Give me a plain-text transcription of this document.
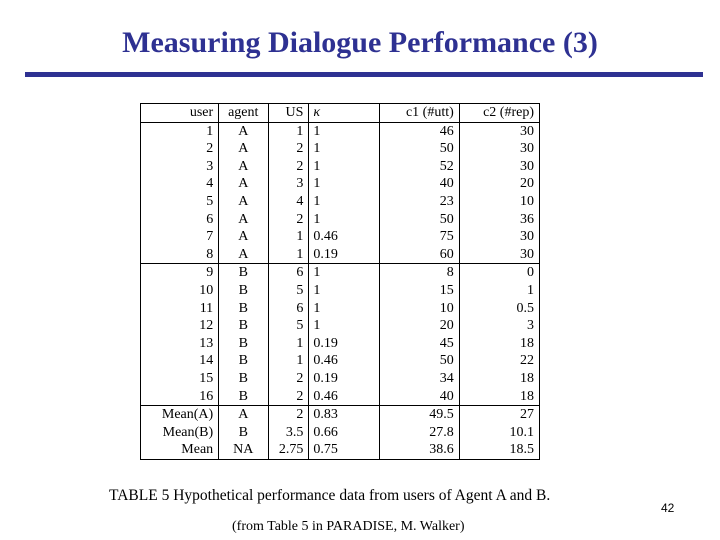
Measuring Dialogue Performance (3)
user	agent	US	κ	c1 (#utt)	c2 (#rep)
1	A	1	1	46	30
2	A	2	1	50	30
3	A	2	1	52	30
4	A	3	1	40	20
5	A	4	1	23	10
6	A	2	1	50	36
7	A	1	0.46	75	30
8	A	1	0.19	60	30
9	B	6	1	8	0
10	B	5	1	15	1
11	B	6	1	10	0.5
12	B	5	1	20	3
13	B	1	0.19	45	18
14	B	1	0.46	50	22
15	B	2	0.19	34	18
16	B	2	0.46	40	18
Mean(A)	A	2	0.83	49.5	27
Mean(B)	B	3.5	0.66	27.8	10.1
Mean	NA	2.75	0.75	38.6	18.5
TABLE 5 Hypothetical performance data from users of Agent A and B.
(from Table 5 in PARADISE, M. Walker)
42
